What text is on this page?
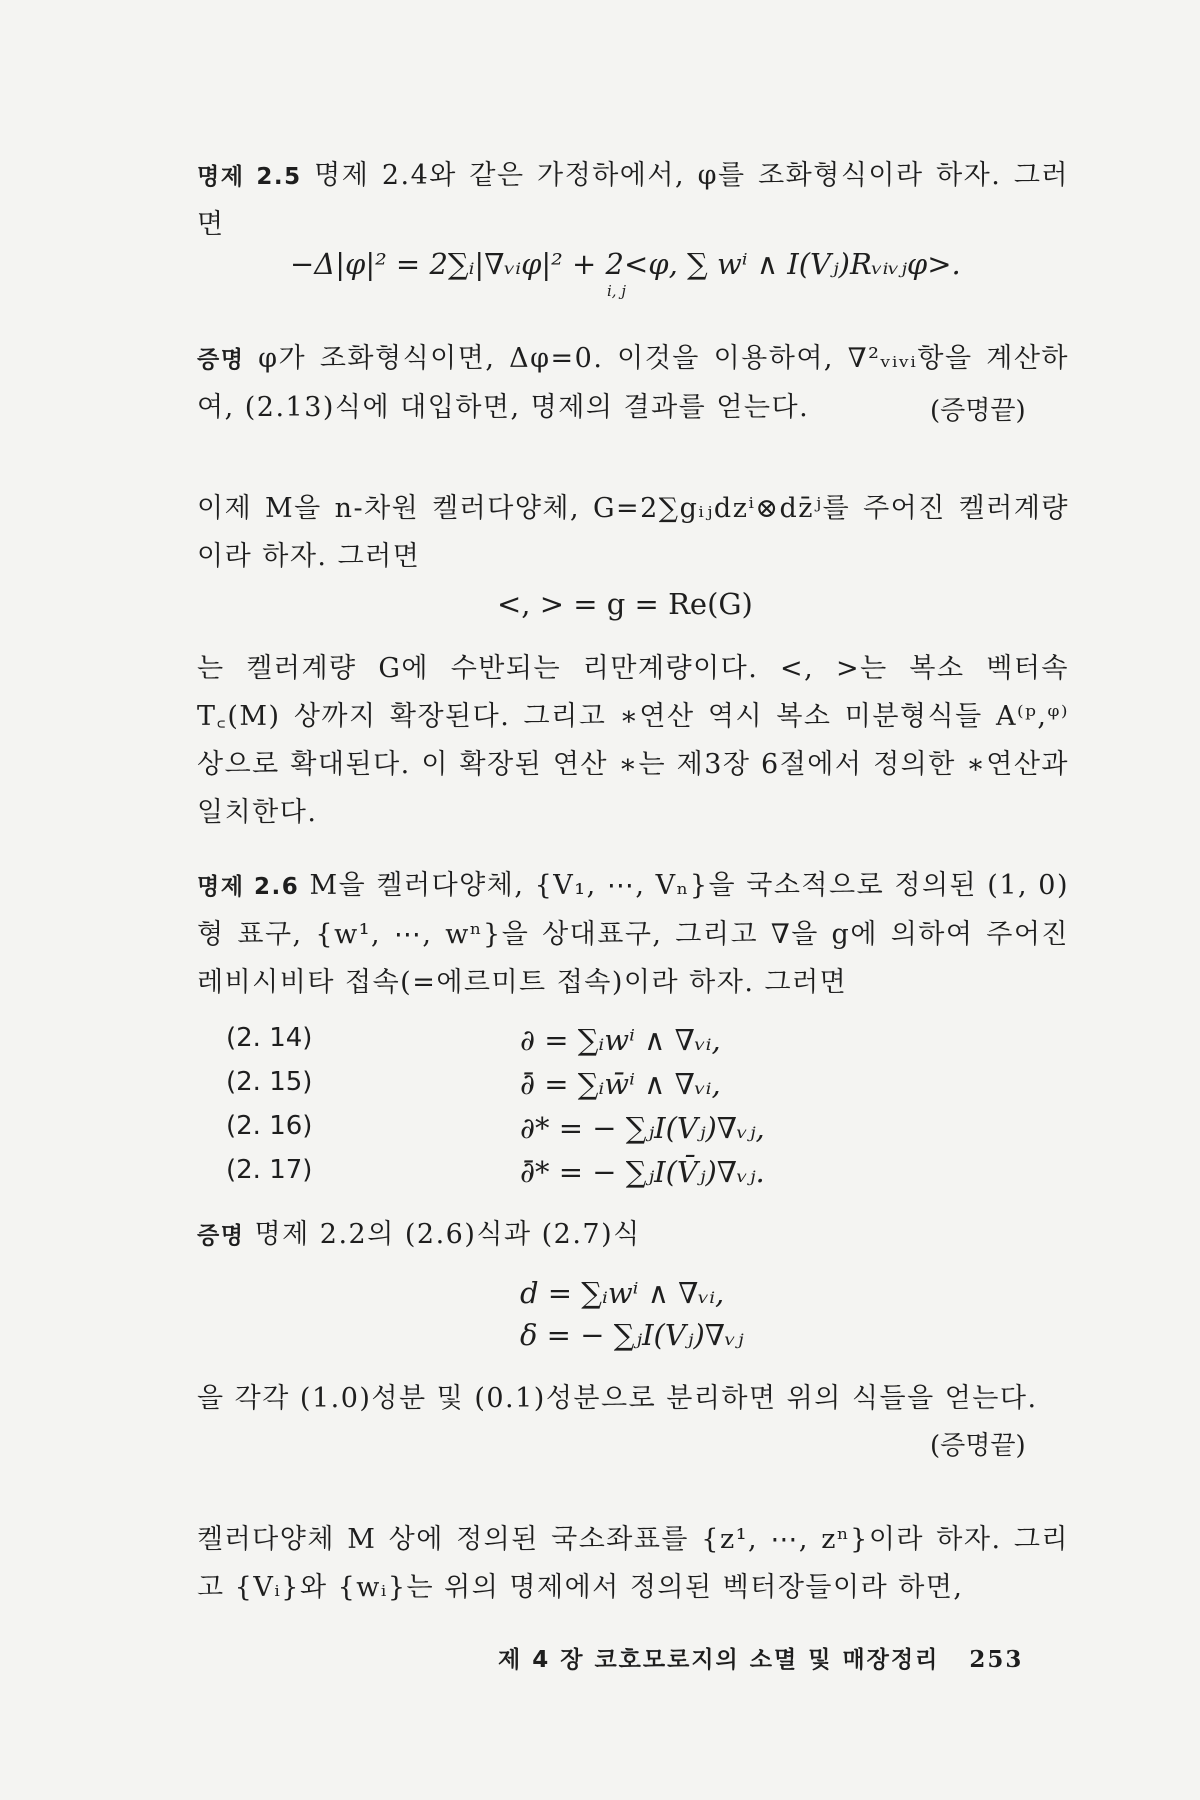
명제 2.5 명제 2.4와 같은 가정하에서, φ를 조화형식이라 하자. 그러면

−Δ|φ|² = 2∑ᵢ|∇ᵥᵢφ|² + 2<φ, ∑ wⁱ ∧ I(Vⱼ)Rᵥᵢᵥⱼφ>.
i, j

증명 φ가 조화형식이면, Δφ=0. 이것을 이용하여, ∇²ᵥᵢᵥᵢ항을 계산하여, (2.13)식에 대입하면, 명제의 결과를 얻는다.	(증명끝)

이제 M을 n-차원 켈러다양체, G=2∑gᵢⱼdzⁱ⊗dz̄ʲ를 주어진 켈러계량이라 하자. 그러면

<, > = g = Re(G)

는 켈러계량 G에 수반되는 리만계량이다. <, >는 복소 벡터속 T꜀(M) 상까지 확장된다. 그리고 ∗연산 역시 복소 미분형식들 A⁽ᵖ,ᵠ⁾ 상으로 확대된다. 이 확장된 연산 ∗는 제3장 6절에서 정의한 ∗연산과 일치한다.

명제 2.6 M을 켈러다양체, {V₁, ⋯, Vₙ}을 국소적으로 정의된 (1, 0)형 표구, {w¹, ⋯, wⁿ}을 상대표구, 그리고 ∇을 g에 의하여 주어진 레비시비타 접속(=에르미트 접속)이라 하자. 그러면

(2. 14)	∂ = ∑ᵢwⁱ ∧ ∇ᵥᵢ,
(2. 15)	∂̄ = ∑ᵢw̄ⁱ ∧ ∇ᵥᵢ,
(2. 16)	∂* = − ∑ⱼI(Vⱼ)∇ᵥⱼ,
(2. 17)	∂̄* = − ∑ⱼI(V̄ⱼ)∇ᵥⱼ.

증명 명제 2.2의 (2.6)식과 (2.7)식

d = ∑ᵢwⁱ ∧ ∇ᵥᵢ,
δ = − ∑ⱼI(Vⱼ)∇ᵥⱼ

을 각각 (1.0)성분 및 (0.1)성분으로 분리하면 위의 식들을 얻는다.

(증명끝)

켈러다양체 M 상에 정의된 국소좌표를 {z¹, ⋯, zⁿ}이라 하자. 그리고 {Vᵢ}와 {wᵢ}는 위의 명제에서 정의된 벡터장들이라 하면,

제 4 장 코호모로지의 소멸 및 매장정리 253
